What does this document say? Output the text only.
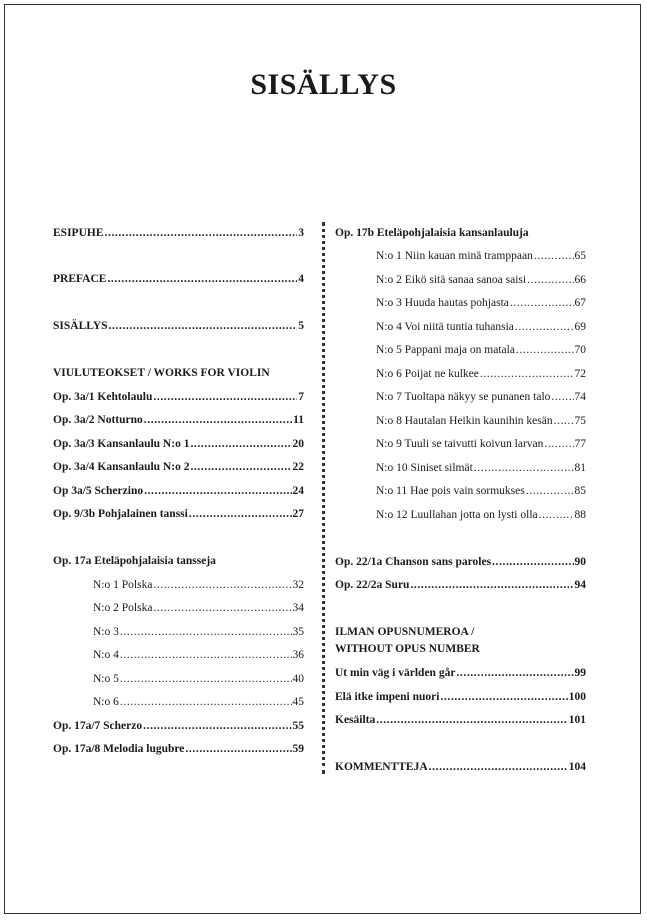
SISÄLLYS
ESIPUHE .....	3
PREFACE .....	4
SISÄLLYS .....	5
VIULUTEOKSET / WORKS FOR VIOLIN
Op. 3a/1 Kehtolaulu .....	7
Op. 3a/2 Notturno .....	11
Op. 3a/3 Kansanlaulu N:o 1 .....	20
Op. 3a/4 Kansanlaulu N:o 2 .....	22
Op 3a/5 Scherzino .....	24
Op. 9/3b Pohjalainen tanssi .....	27
Op. 17a Eteläpohjalaisia tansseja
N:o 1 Polska .....	32
N:o 2 Polska .....	34
N:o 3 .....	35
N:o 4 .....	36
N:o 5 .....	40
N:o 6 .....	45
Op. 17a/7 Scherzo .....	55
Op. 17a/8 Melodia lugubre .....	59
Op. 17b Eteläpohjalaisia kansanlauluja
N:o 1 Niin kauan minä tramppaan .....	65
N:o 2 Eikö sitä sanaa sanoa saisi .....	66
N:o 3 Huuda hautas pohjasta .....	67
N:o 4 Voi niitä tuntia tuhansia .....	69
N:o 5 Pappani maja on matala .....	70
N:o 6 Poijat ne kulkee .....	72
N:o 7 Tuoltapa näkyy se punanen talo ..... 74
N:o 8 Hautalan Heikin kaunihin kesän ..... 75
N:o 9 Tuuli se taivutti koivun larvan .....	77
N:o 10 Siniset silmät .....	81
N:o 11 Hae pois vain sormukses .....	85
N:o 12 Luullahan jotta on lysti olla .....	88
Op. 22/1a Chanson sans paroles .....	90
Op. 22/2a Suru .....	94
ILMAN OPUSNUMEROA /
WITHOUT OPUS NUMBER
Ut min väg i världen går .....	99
Elä itke impeni nuori .....	100
Kesäilta .....	101
KOMMENTTEJA .....	104
